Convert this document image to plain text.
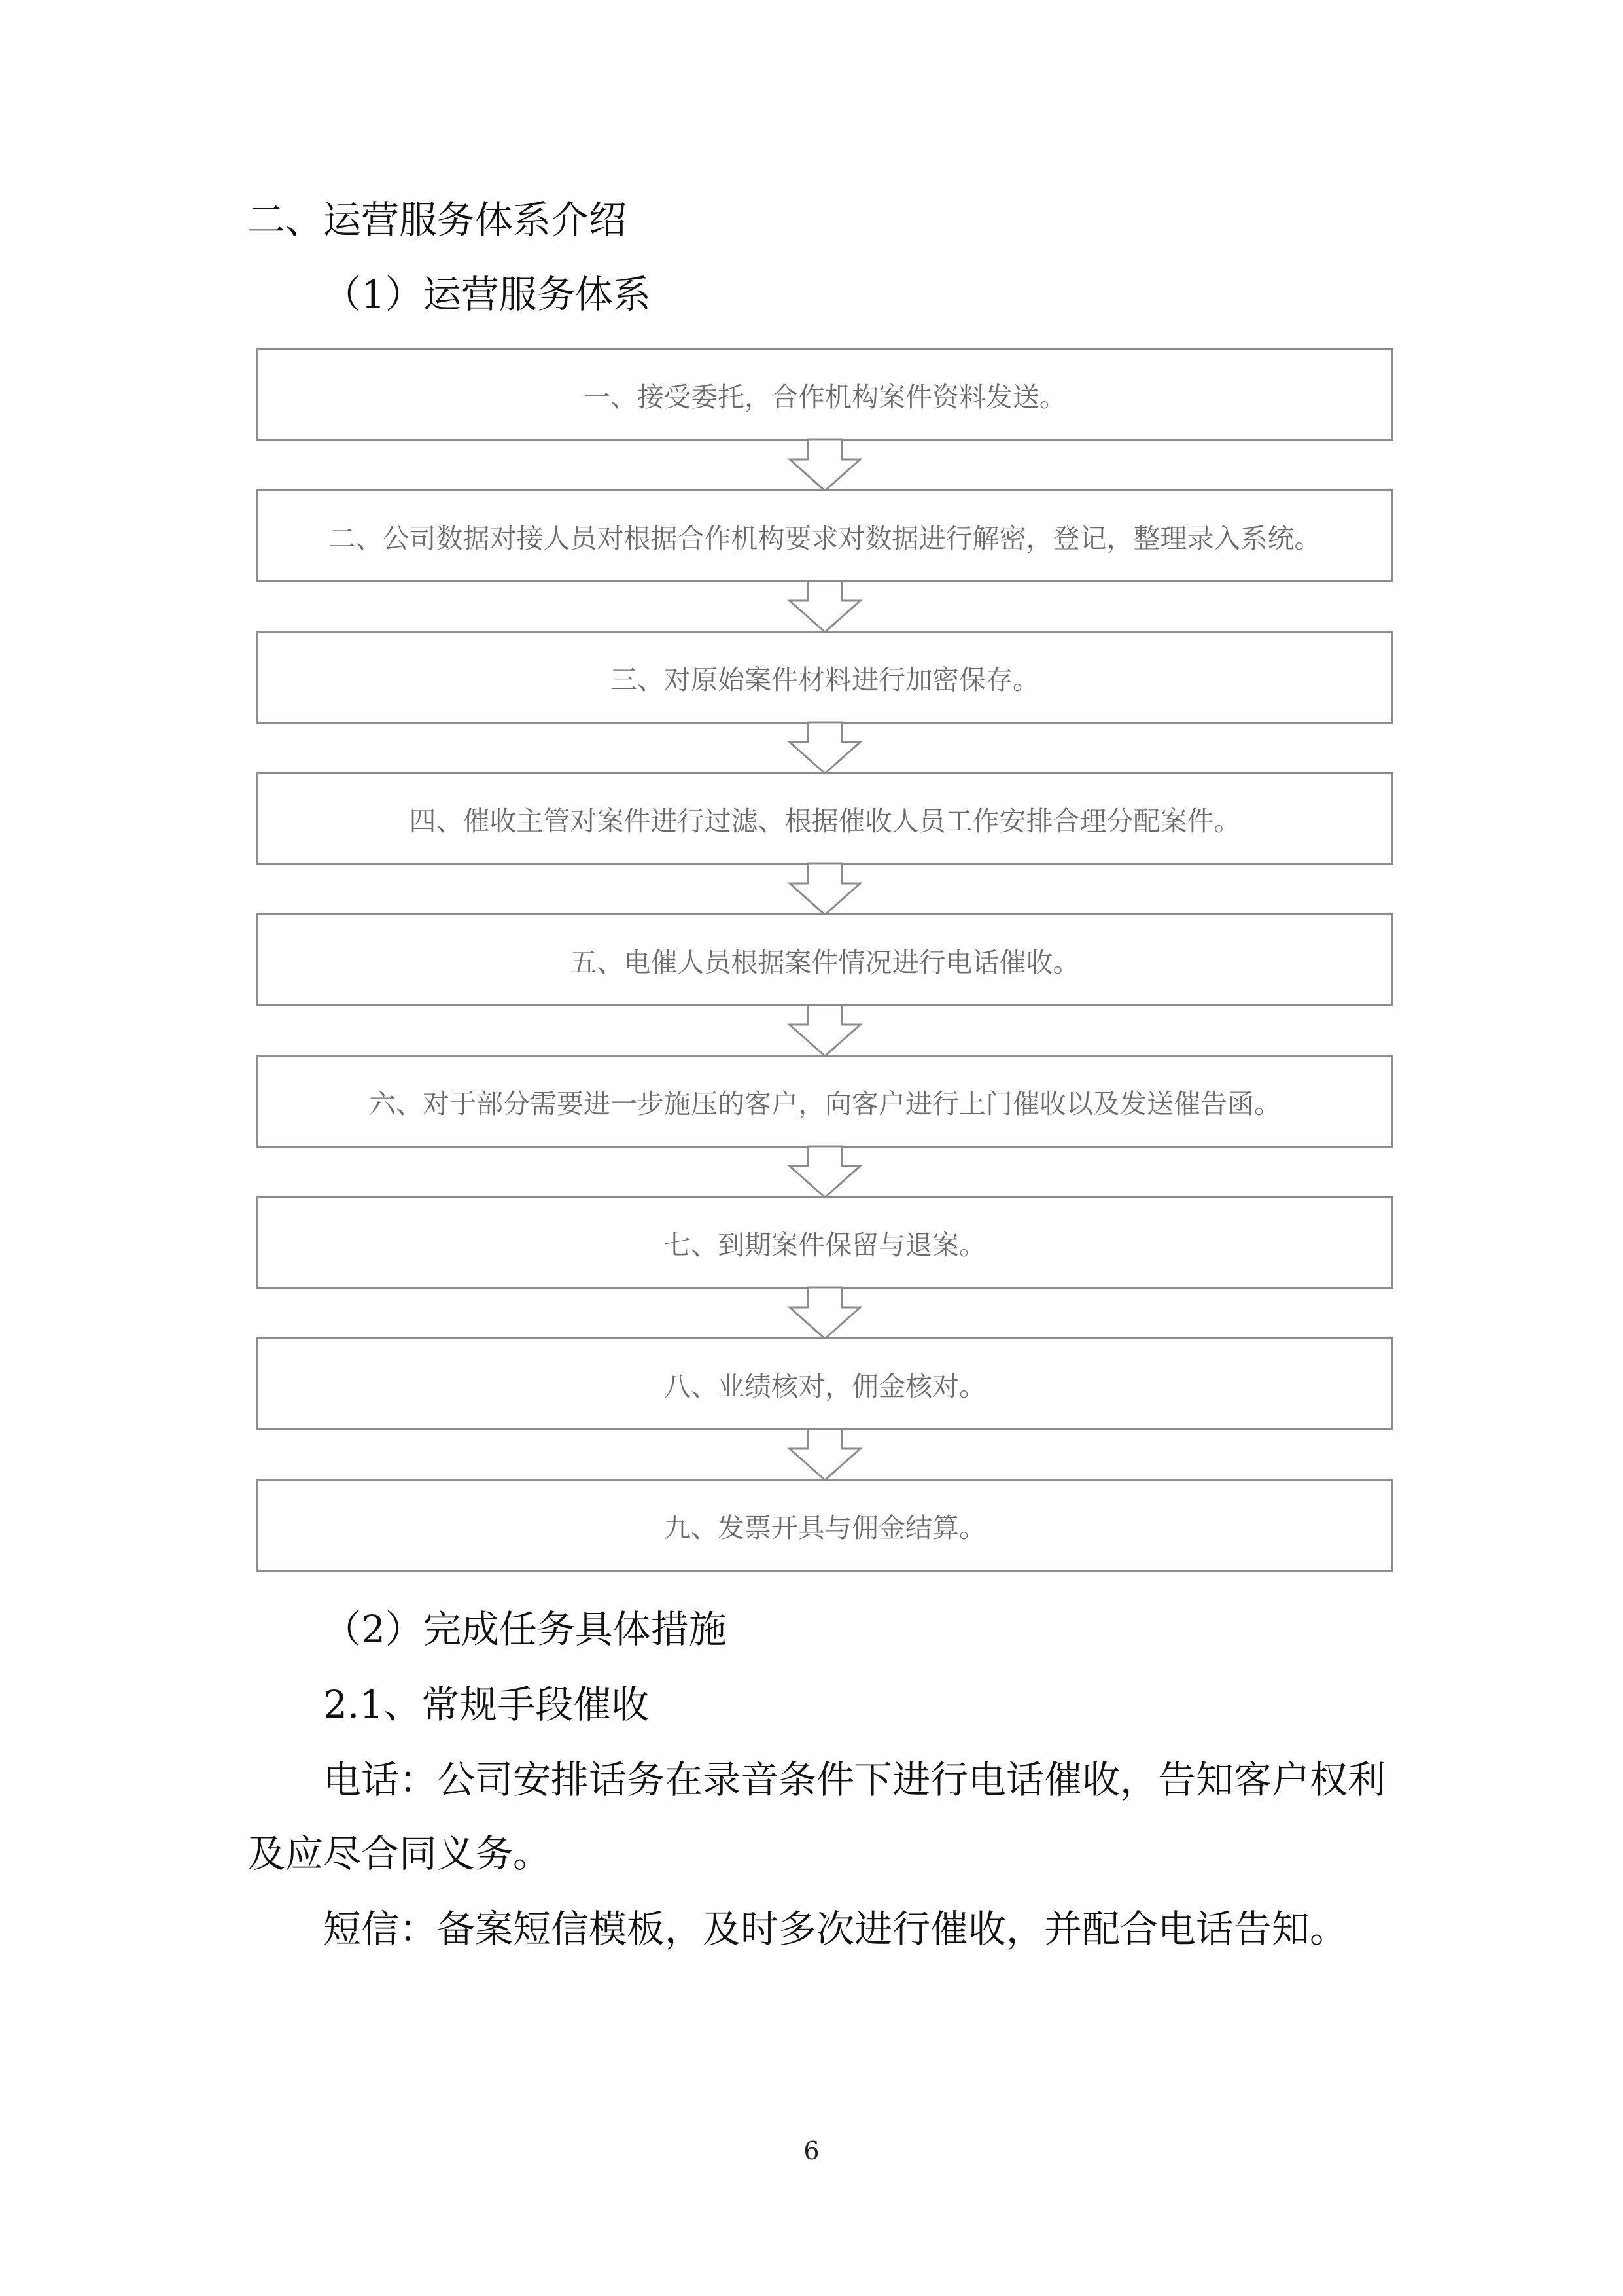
二、运营服务体系介绍
（1）运营服务体系
一、接受委托，合作机构案件资料发送。
二、公司数据对接人员对根据合作机构要求对数据进行解密，登记，整理录入系统。
三、对原始案件材料进行加密保存。
四、催收主管对案件进行过滤、根据催收人员工作安排合理分配案件。
五、电催人员根据案件情况进行电话催收。
六、对于部分需要进一步施压的客户，向客户进行上门催收以及发送催告函。
七、到期案件保留与退案。
八、业绩核对，佣金核对。
九、发票开具与佣金结算。
（2）完成任务具体措施
2.1、常规手段催收

电话：公司安排话务在录音条件下进行电话催收，告知客户权利

及应尽合同义务。

短信：备案短信模板，及时多次进行催收，并配合电话告知。

6
